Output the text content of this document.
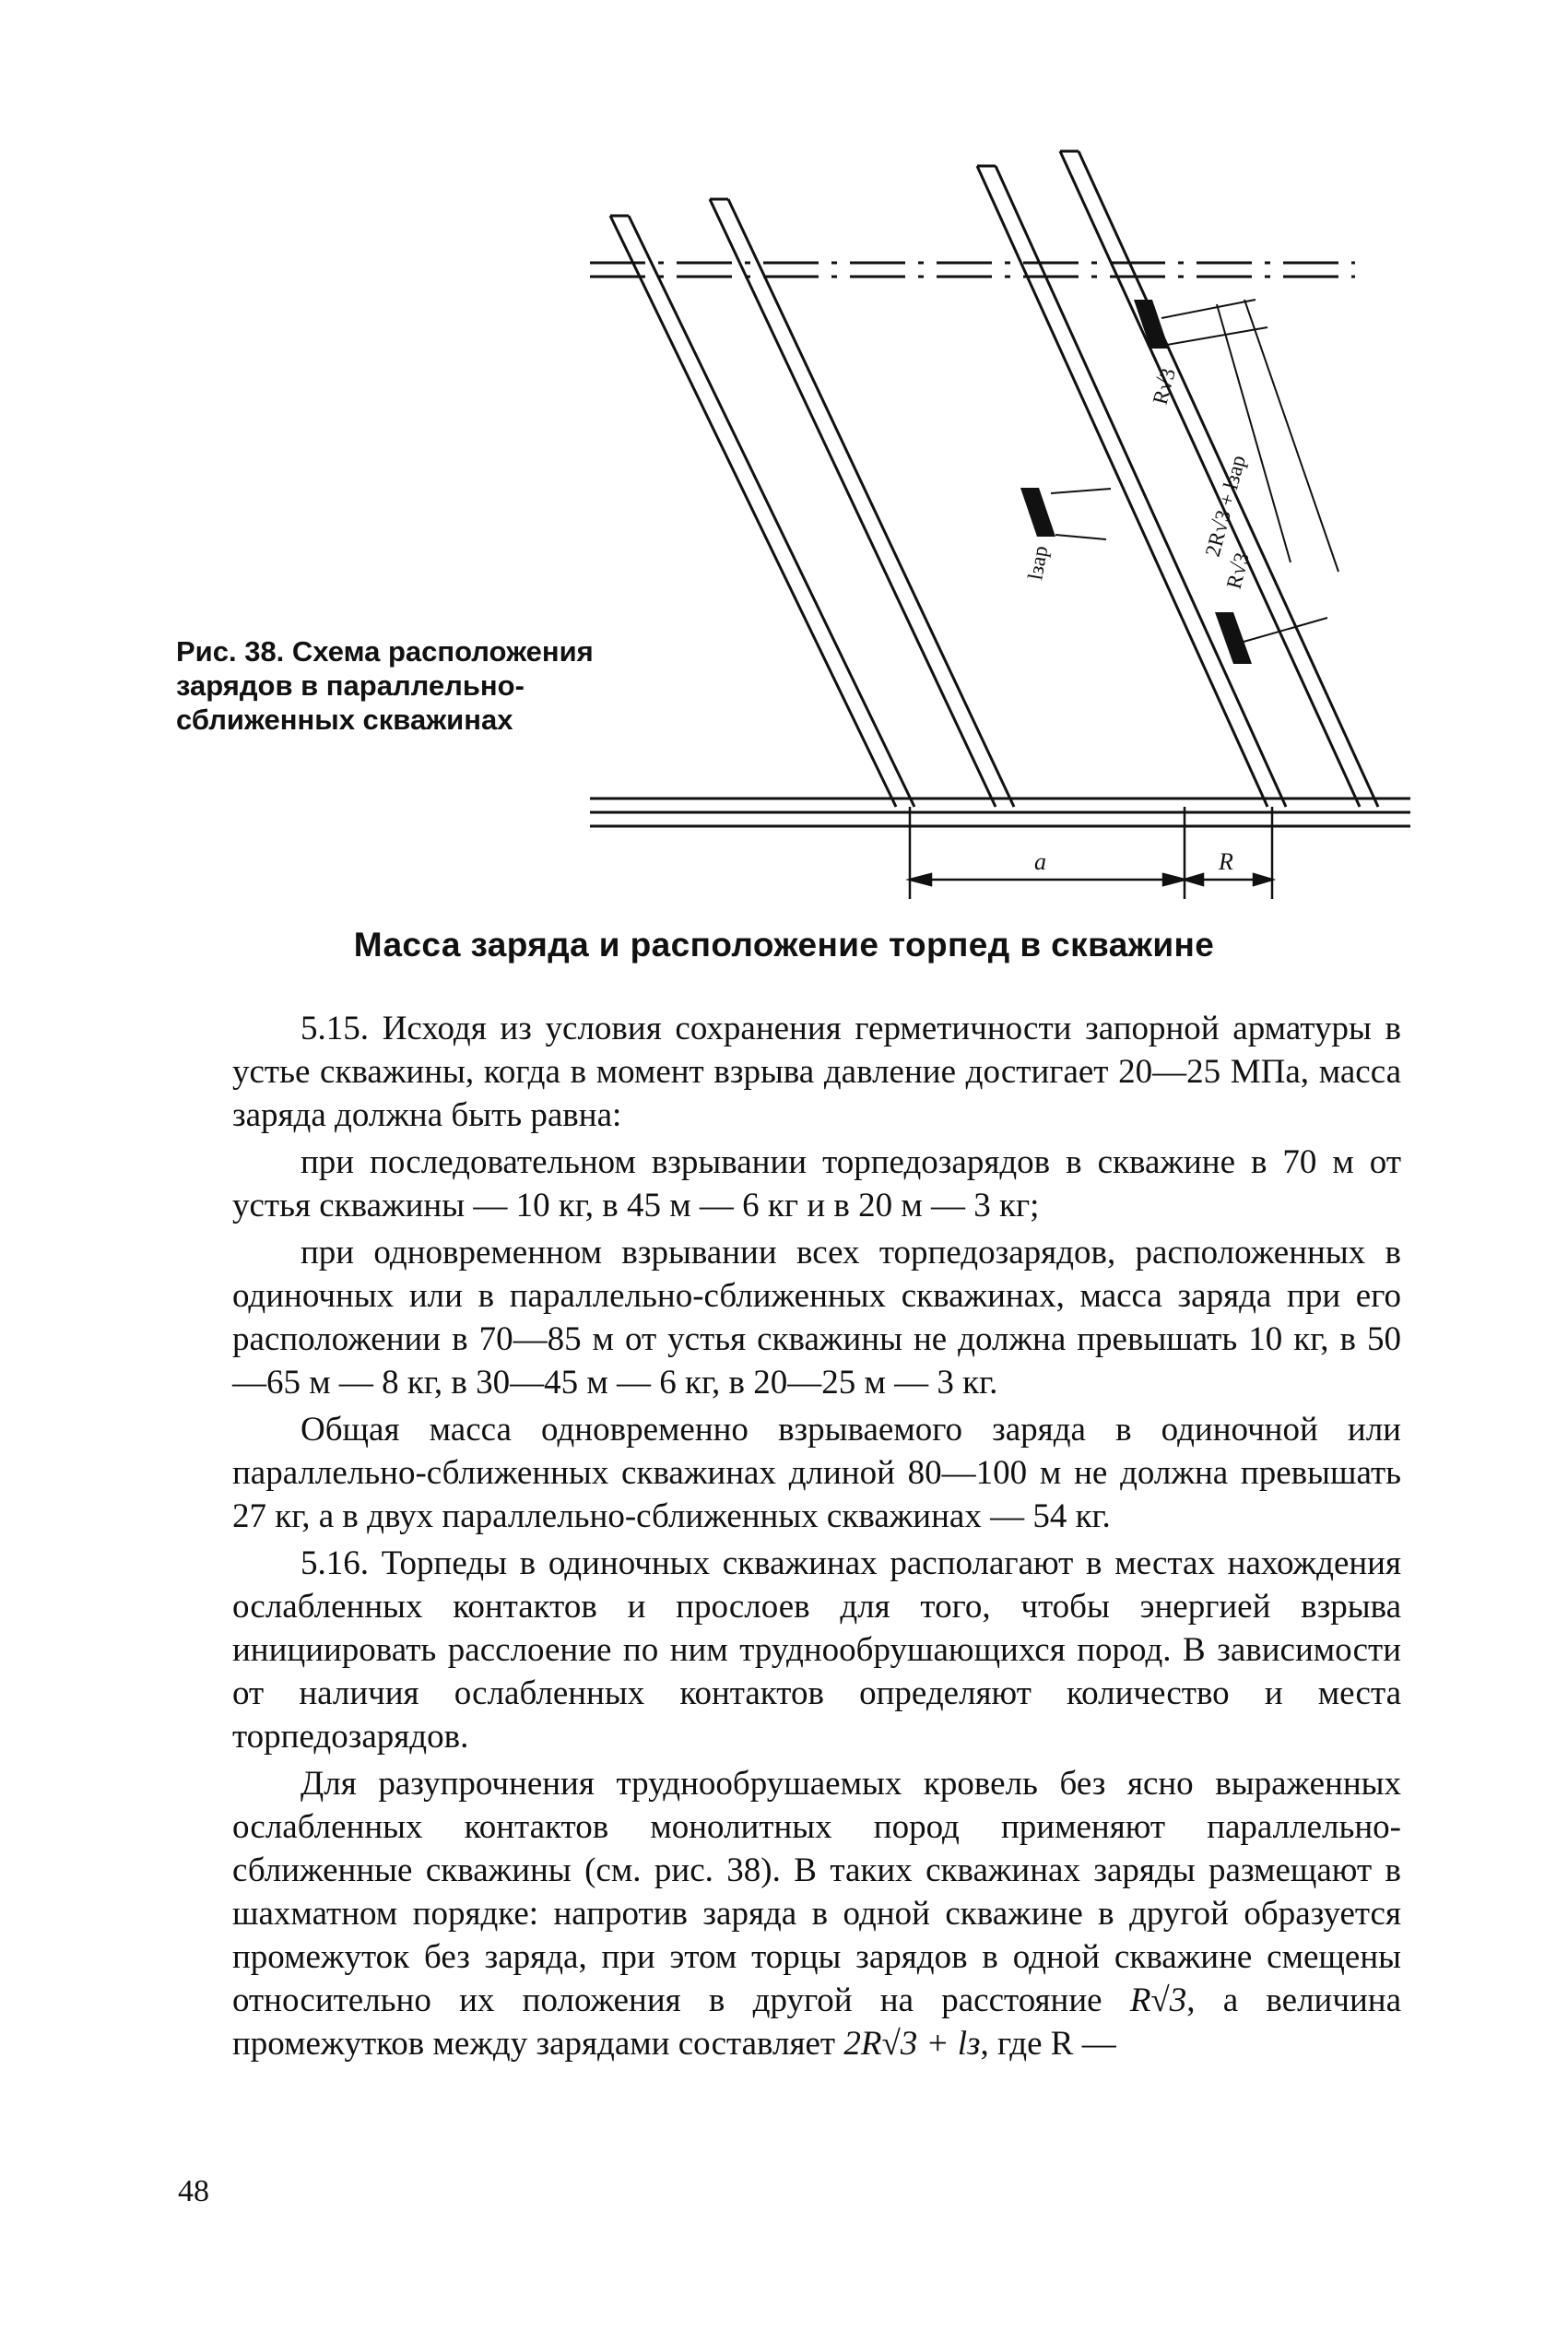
Рис. 38. Схема расположения зарядов в параллельно-сближенных скважинах
a	R
R√3
R√3
2R√3 + lзар
lзар
Масса заряда и расположение торпед в скважине

5.15. Исходя из условия сохранения герметичности запорной арматуры в устье скважины, когда в момент взрыва давление достигает 20—25 МПа, масса заряда должна быть равна:

при последовательном взрывании торпедозарядов в скважине в 70 м от устья скважины — 10 кг, в 45 м — 6 кг и в 20 м — 3 кг;

при одновременном взрывании всех торпедозарядов, расположенных в одиночных или в параллельно-сближенных скважинах, масса заряда при его расположении в 70—85 м от устья скважины не должна превышать 10 кг, в 50—65 м — 8 кг, в 30—45 м — 6 кг, в 20—25 м — 3 кг.

Общая масса одновременно взрываемого заряда в одиночной или параллельно-сближенных скважинах длиной 80—100 м не должна превышать 27 кг, а в двух параллельно-сближенных скважинах — 54 кг.

5.16. Торпеды в одиночных скважинах располагают в местах нахождения ослабленных контактов и прослоев для того, чтобы энергией взрыва инициировать расслоение по ним труднообрушающихся пород. В зависимости от наличия ослабленных контактов определяют количество и места торпедозарядов.

Для разупрочнения труднообрушаемых кровель без ясно выраженных ослабленных контактов монолитных пород применяют параллельно-сближенные скважины (см. рис. 38). В таких скважинах заряды размещают в шахматном порядке: напротив заряда в одной скважине в другой образуется промежуток без заряда, при этом торцы зарядов в одной скважине смещены относительно их положения в другой на расстояние R√3, а величина промежутков между зарядами составляет 2R√3 + lз, где R —

48
